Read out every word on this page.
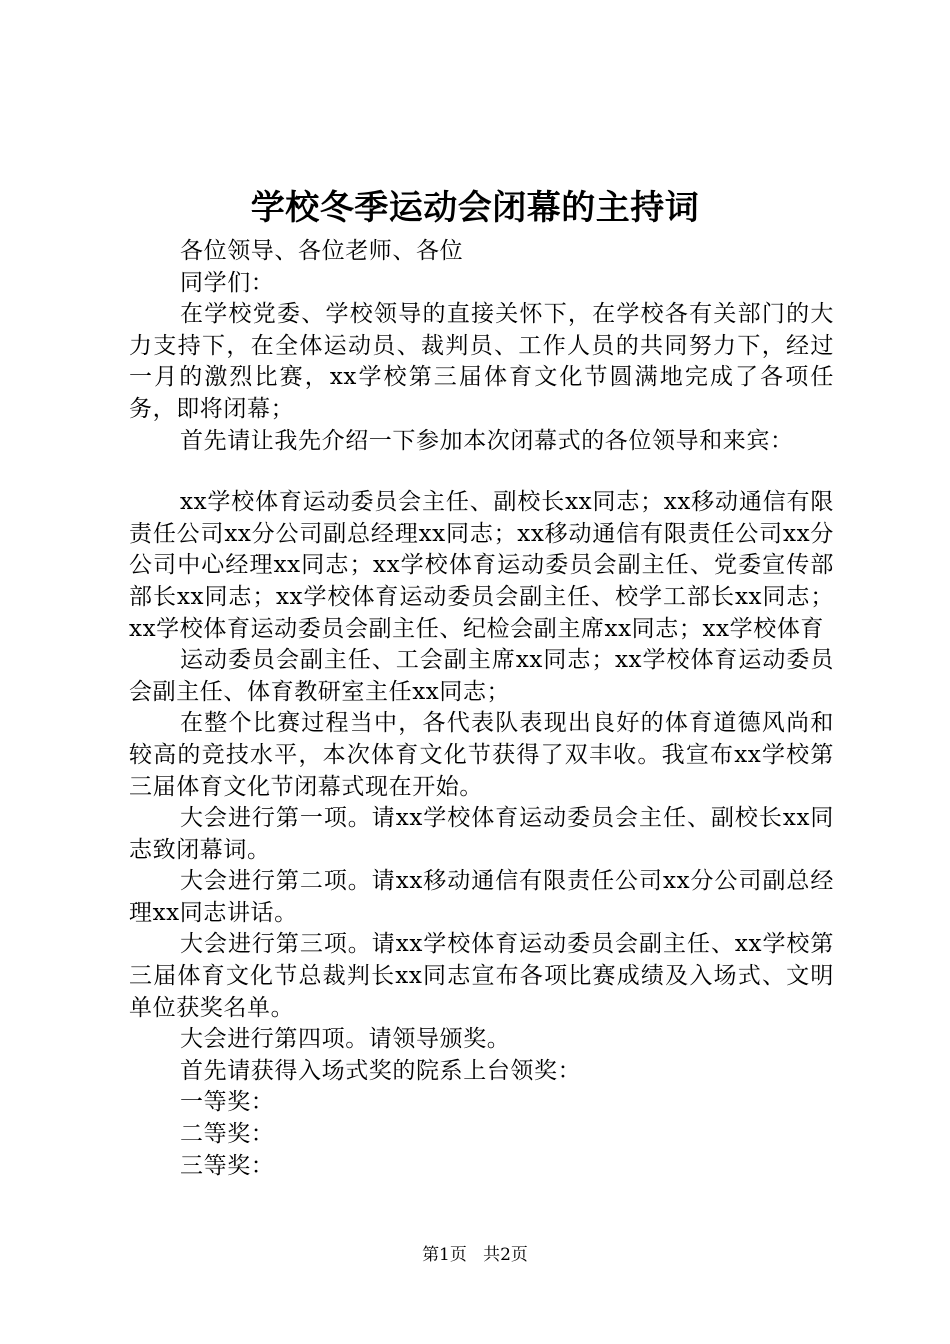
学校冬季运动会闭幕的主持词

各位领导、各位老师、各位

同学们：

在学校党委、学校领导的直接关怀下，在学校各有关部门的大力支持下，在全体运动员、裁判员、工作人员的共同努力下，经过一月的激烈比赛，xx学校第三届体育文化节圆满地完成了各项任务，即将闭幕；

首先请让我先介绍一下参加本次闭幕式的各位领导和来宾：

xx学校体育运动委员会主任、副校长xx同志；xx移动通信有限责任公司xx分公司副总经理xx同志；xx移动通信有限责任公司xx分公司中心经理xx同志；xx学校体育运动委员会副主任、党委宣传部部长xx同志；xx学校体育运动委员会副主任、校学工部长xx同志；xx学校体育运动委员会副主任、纪检会副主席xx同志；xx学校体育

运动委员会副主任、工会副主席xx同志；xx学校体育运动委员会副主任、体育教研室主任xx同志；

在整个比赛过程当中，各代表队表现出良好的体育道德风尚和较高的竞技水平，本次体育文化节获得了双丰收。我宣布xx学校第三届体育文化节闭幕式现在开始。

大会进行第一项。请xx学校体育运动委员会主任、副校长xx同志致闭幕词。

大会进行第二项。请xx移动通信有限责任公司xx分公司副总经理xx同志讲话。

大会进行第三项。请xx学校体育运动委员会副主任、xx学校第三届体育文化节总裁判长xx同志宣布各项比赛成绩及入场式、文明单位获奖名单。

大会进行第四项。请领导颁奖。

首先请获得入场式奖的院系上台领奖：

一等奖：

二等奖：

三等奖：

第1页 共2页
